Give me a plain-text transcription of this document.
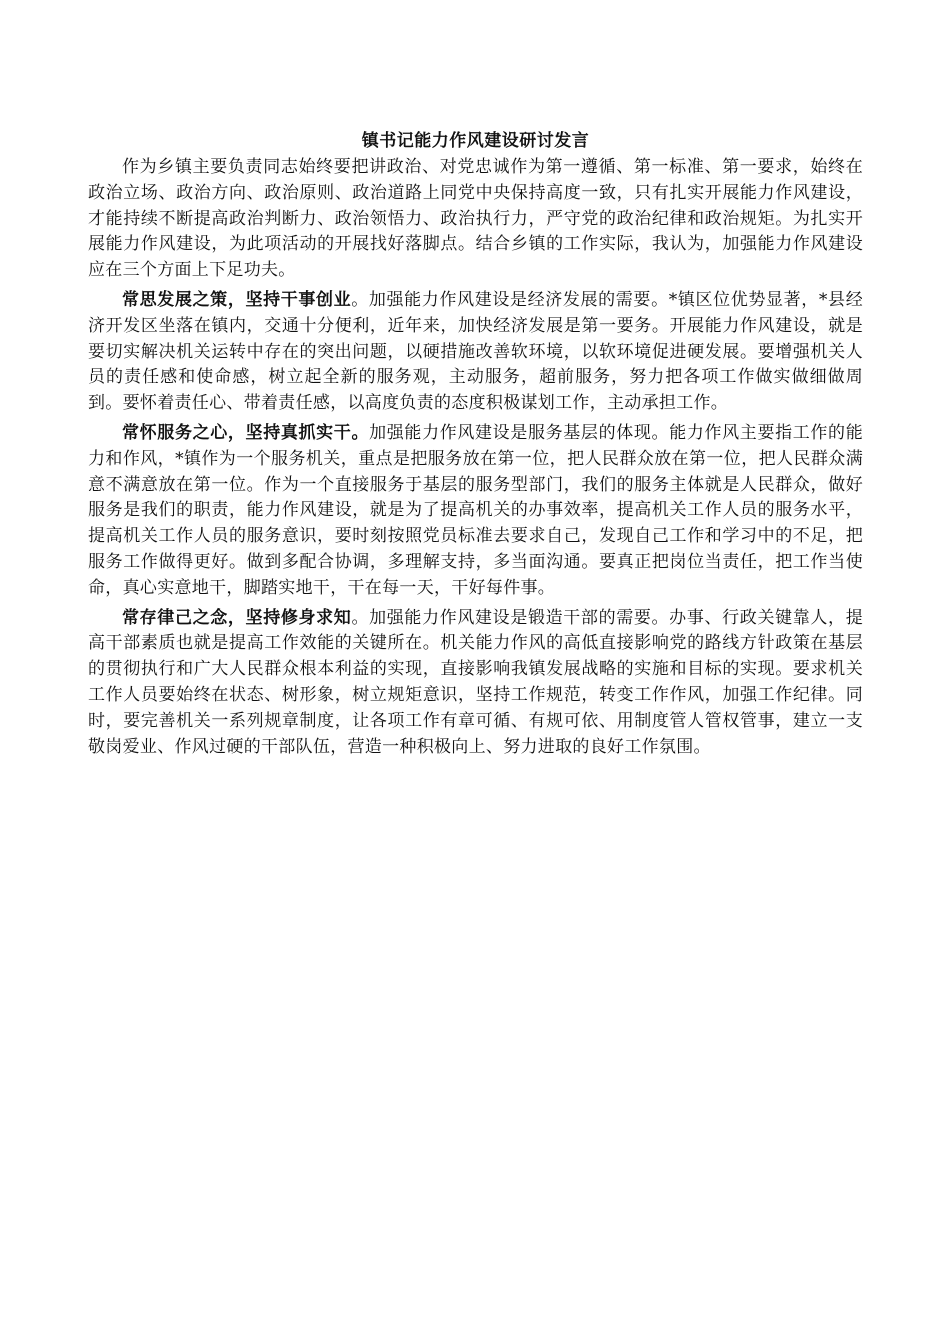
镇书记能力作风建设研讨发言

作为乡镇主要负责同志始终要把讲政治、对党忠诚作为第一遵循、第一标准、第一要求，始终在政治立场、政治方向、政治原则、政治道路上同党中央保持高度一致，只有扎实开展能力作风建设，才能持续不断提高政治判断力、政治领悟力、政治执行力，严守党的政治纪律和政治规矩。为扎实开展能力作风建设，为此项活动的开展找好落脚点。结合乡镇的工作实际，我认为，加强能力作风建设应在三个方面上下足功夫。

常思发展之策，坚持干事创业。加强能力作风建设是经济发展的需要。*镇区位优势显著，*县经济开发区坐落在镇内，交通十分便利，近年来，加快经济发展是第一要务。开展能力作风建设，就是要切实解决机关运转中存在的突出问题，以硬措施改善软环境，以软环境促进硬发展。要增强机关人员的责任感和使命感，树立起全新的服务观，主动服务，超前服务，努力把各项工作做实做细做周到。要怀着责任心、带着责任感，以高度负责的态度积极谋划工作，主动承担工作。

常怀服务之心，坚持真抓实干。加强能力作风建设是服务基层的体现。能力作风主要指工作的能力和作风，*镇作为一个服务机关，重点是把服务放在第一位，把人民群众放在第一位，把人民群众满意不满意放在第一位。作为一个直接服务于基层的服务型部门，我们的服务主体就是人民群众，做好服务是我们的职责，能力作风建设，就是为了提高机关的办事效率，提高机关工作人员的服务水平，提高机关工作人员的服务意识，要时刻按照党员标准去要求自己，发现自己工作和学习中的不足，把服务工作做得更好。做到多配合协调，多理解支持，多当面沟通。要真正把岗位当责任，把工作当使命，真心实意地干，脚踏实地干，干在每一天，干好每件事。

常存律己之念，坚持修身求知。加强能力作风建设是锻造干部的需要。办事、行政关键靠人，提高干部素质也就是提高工作效能的关键所在。机关能力作风的高低直接影响党的路线方针政策在基层的贯彻执行和广大人民群众根本利益的实现，直接影响我镇发展战略的实施和目标的实现。要求机关工作人员要始终在状态、树形象，树立规矩意识，坚持工作规范，转变工作作风，加强工作纪律。同时，要完善机关一系列规章制度，让各项工作有章可循、有规可依、用制度管人管权管事，建立一支敬岗爱业、作风过硬的干部队伍，营造一种积极向上、努力进取的良好工作氛围。
